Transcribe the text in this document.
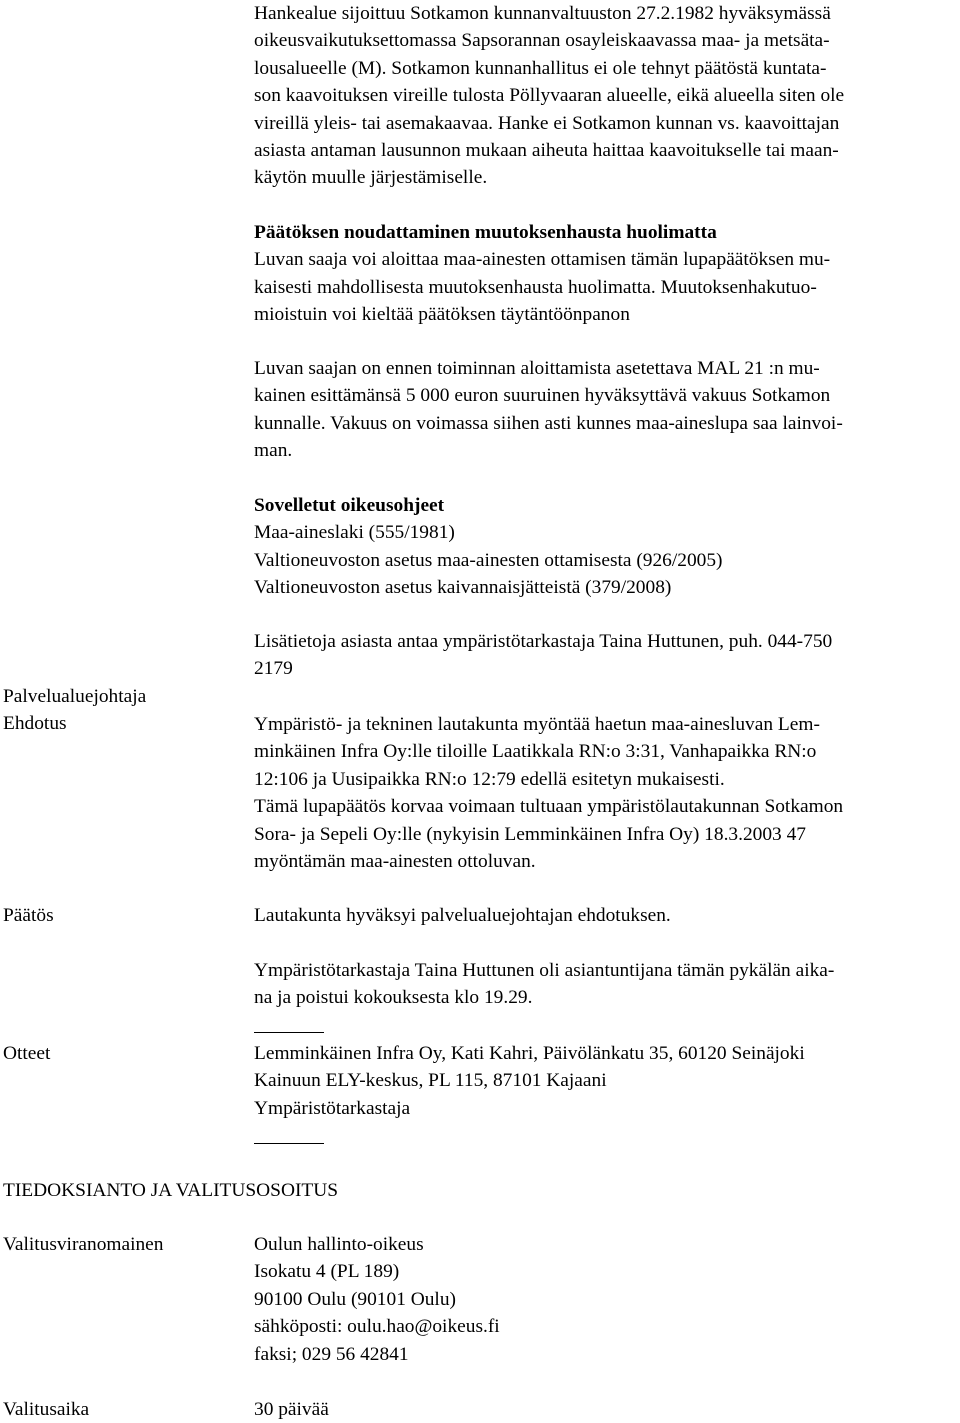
Hankealue sijoittuu Sotkamon kunnanvaltuuston 27.2.1982 hyväksymässä
oikeusvaikutuksettomassa Sapsorannan osayleiskaavassa maa- ja metsäta-
lousalueelle (M). Sotkamon kunnanhallitus ei ole tehnyt päätöstä kuntata-
son kaavoituksen vireille tulosta Pöllyvaaran alueelle, eikä alueella siten ole
vireillä yleis- tai asemakaavaa. Hanke ei Sotkamon kunnan vs. kaavoittajan
asiasta antaman lausunnon mukaan aiheuta haittaa kaavoitukselle tai maan-
käytön muulle järjestämiselle.
Päätöksen noudattaminen muutoksenhausta huolimatta
Luvan saaja voi aloittaa maa-ainesten ottamisen tämän lupapäätöksen mu-
kaisesti mahdollisesta muutoksenhausta huolimatta. Muutoksenhakutuo-
mioistuin voi kieltää päätöksen täytäntöönpanon
Luvan saajan on ennen toiminnan aloittamista asetettava MAL 21 :n mu-
kainen esittämänsä 5 000 euron suuruinen hyväksyttävä vakuus Sotkamon
kunnalle. Vakuus on voimassa siihen asti kunnes maa-aineslupa saa lainvoi-
man.
Sovelletut oikeusohjeet
Maa-aineslaki (555/1981)
Valtioneuvoston asetus maa-ainesten ottamisesta (926/2005)
Valtioneuvoston asetus kaivannaisjätteistä (379/2008)
Lisätietoja asiasta antaa ympäristötarkastaja Taina Huttunen, puh. 044-750
2179
Palvelualuejohtaja
Ehdotus	Ympäristö- ja tekninen lautakunta myöntää haetun maa-ainesluvan Lem-
minkäinen Infra Oy:lle tiloille Laatikkala RN:o 3:31, Vanhapaikka RN:o
12:106 ja Uusipaikka RN:o 12:79 edellä esitetyn mukaisesti.
Tämä lupapäätös korvaa voimaan tultuaan ympäristölautakunnan Sotkamon
Sora- ja Sepeli Oy:lle (nykyisin Lemminkäinen Infra Oy) 18.3.2003 47
myöntämän maa-ainesten ottoluvan.
Päätös	Lautakunta hyväksyi palvelualuejohtajan ehdotuksen.
Ympäristötarkastaja Taina Huttunen oli asiantuntijana tämän pykälän aika-
na ja poistui kokouksesta klo 19.29.
Otteet	Lemminkäinen Infra Oy, Kati Kahri, Päivölänkatu 35, 60120 Seinäjoki
Kainuun ELY-keskus, PL 115, 87101 Kajaani
Ympäristötarkastaja
TIEDOKSIANTO JA VALITUSOSOITUS
Valitusviranomainen	Oulun hallinto-oikeus
Isokatu 4 (PL 189)
90100 Oulu (90101 Oulu)
sähköposti: oulu.hao@oikeus.fi
faksi; 029 56 42841
Valitusaika	30 päivää
